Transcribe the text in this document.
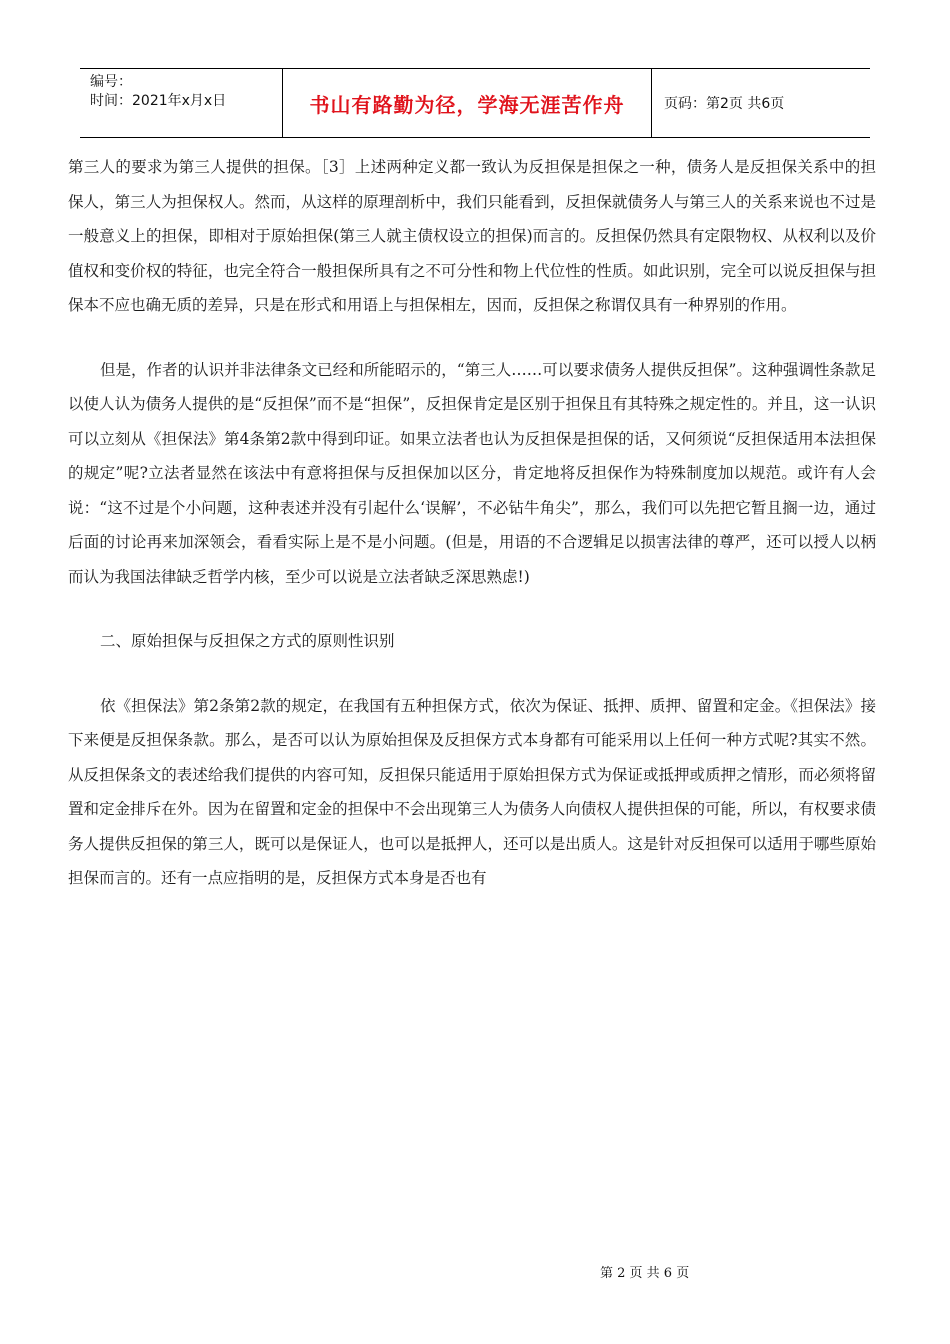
编号：
时间：2021年x月x日	书山有路勤为径，学海无涯苦作舟	页码：第2页 共6页

第三人的要求为第三人提供的担保。［3］上述两种定义都一致认为反担保是担保之一种，债务人是反担保关系中的担保人，第三人为担保权人。然而，从这样的原理剖析中，我们只能看到，反担保就债务人与第三人的关系来说也不过是一般意义上的担保，即相对于原始担保(第三人就主债权设立的担保)而言的。反担保仍然具有定限物权、从权利以及价值权和变价权的特征，也完全符合一般担保所具有之不可分性和物上代位性的性质。如此识别，完全可以说反担保与担保本不应也确无质的差异，只是在形式和用语上与担保相左，因而，反担保之称谓仅具有一种界别的作用。

但是，作者的认识并非法律条文已经和所能昭示的，“第三人……可以要求债务人提供反担保”。这种强调性条款足以使人认为债务人提供的是“反担保”而不是“担保”，反担保肯定是区别于担保且有其特殊之规定性的。并且，这一认识可以立刻从《担保法》第4条第2款中得到印证。如果立法者也认为反担保是担保的话，又何须说“反担保适用本法担保的规定”呢?立法者显然在该法中有意将担保与反担保加以区分，肯定地将反担保作为特殊制度加以规范。或许有人会说：“这不过是个小问题，这种表述并没有引起什么‘误解’，不必钻牛角尖”，那么，我们可以先把它暂且搁一边，通过后面的讨论再来加深领会，看看实际上是不是小问题。(但是，用语的不合逻辑足以损害法律的尊严，还可以授人以柄而认为我国法律缺乏哲学内核，至少可以说是立法者缺乏深思熟虑!)

二、原始担保与反担保之方式的原则性识别

依《担保法》第2条第2款的规定，在我国有五种担保方式，依次为保证、抵押、质押、留置和定金。《担保法》接下来便是反担保条款。那么，是否可以认为原始担保及反担保方式本身都有可能采用以上任何一种方式呢?其实不然。从反担保条文的表述给我们提供的内容可知，反担保只能适用于原始担保方式为保证或抵押或质押之情形，而必须将留置和定金排斥在外。因为在留置和定金的担保中不会出现第三人为债务人向债权人提供担保的可能，所以，有权要求债务人提供反担保的第三人，既可以是保证人，也可以是抵押人，还可以是出质人。这是针对反担保可以适用于哪些原始担保而言的。还有一点应指明的是，反担保方式本身是否也有

第 2 页 共 6 页
